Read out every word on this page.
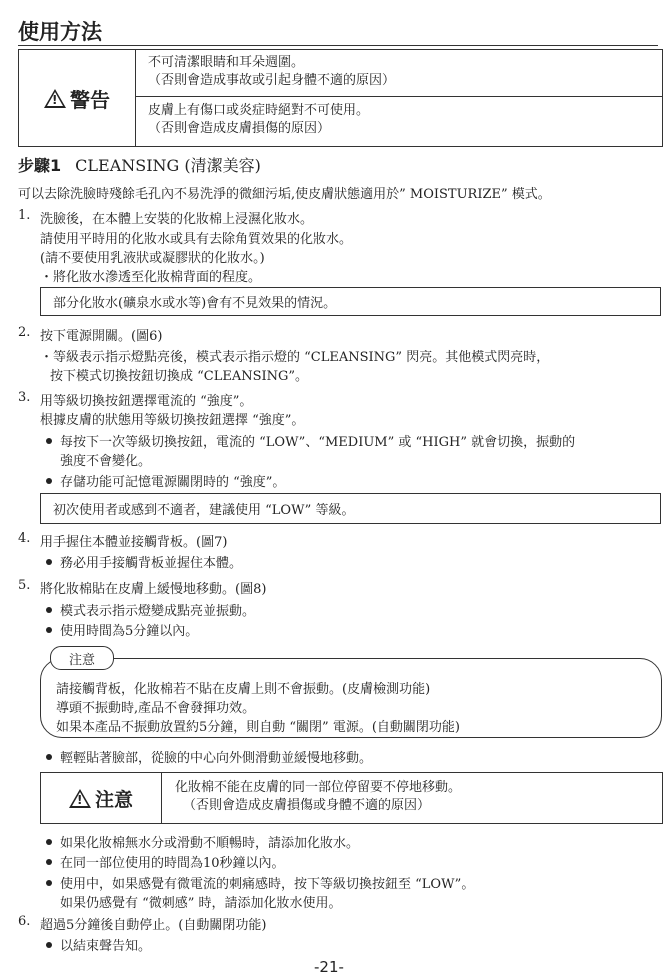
使用方法
!
警告
不可清潔眼睛和耳朵週圍。
（否則會造成事故或引起身體不適的原因）
皮膚上有傷口或炎症時絕對不可使用。
（否則會造成皮膚損傷的原因）
步驟1 CLEANSING (清潔美容)
可以去除洗臉時殘餘毛孔內不易洗淨的微細污垢,使皮膚狀態適用於” MOISTURIZE” 模式。
1. 洗臉後，在本體上安裝的化妝棉上浸濕化妝水。
請使用平時用的化妝水或具有去除角質效果的化妝水。
(請不要使用乳液狀或凝膠狀的化妝水。)
・將化妝水滲透至化妝棉背面的程度。
部分化妝水(礦泉水或水等)會有不見效果的情況。
2. 按下電源開關。(圖6)
・等級表示指示燈點亮後，模式表示指示燈的 “CLEANSING” 閃亮。其他模式閃亮時，
按下模式切換按鈕切換成 “CLEANSING”。
3. 用等級切換按鈕選擇電流的 “強度”。
根據皮膚的狀態用等級切換按鈕選擇 “強度”。
每按下一次等級切換按鈕，電流的 “LOW”、“MEDIUM” 或 “HIGH” 就會切換，振動的
強度不會變化。
存儲功能可記憶電源關閉時的 “強度”。
初次使用者或感到不適者，建議使用 “LOW” 等級。
4. 用手握住本體並接觸背板。(圖7)
務必用手接觸背板並握住本體。
5. 將化妝棉貼在皮膚上緩慢地移動。(圖8)
模式表示指示燈變成點亮並振動。
使用時間為5分鐘以內。
注意
請接觸背板，化妝棉若不貼在皮膚上則不會振動。(皮膚檢測功能)
導頭不振動時,產品不會發揮功效。
如果本產品不振動放置約5分鐘，則自動 “關閉” 電源。(自動關閉功能)
輕輕貼著臉部，從臉的中心向外側滑動並緩慢地移動。
!
注意
化妝棉不能在皮膚的同一部位停留要不停地移動。
（否則會造成皮膚損傷或身體不適的原因）
如果化妝棉無水分或滑動不順暢時，請添加化妝水。
在同一部位使用的時間為10秒鐘以內。
使用中，如果感覺有微電流的刺痛感時，按下等級切換按鈕至 “LOW”。
如果仍感覺有 “微刺感” 時，請添加化妝水使用。
6. 超過5分鐘後自動停止。(自動關閉功能)
以結束聲告知。
-21-
